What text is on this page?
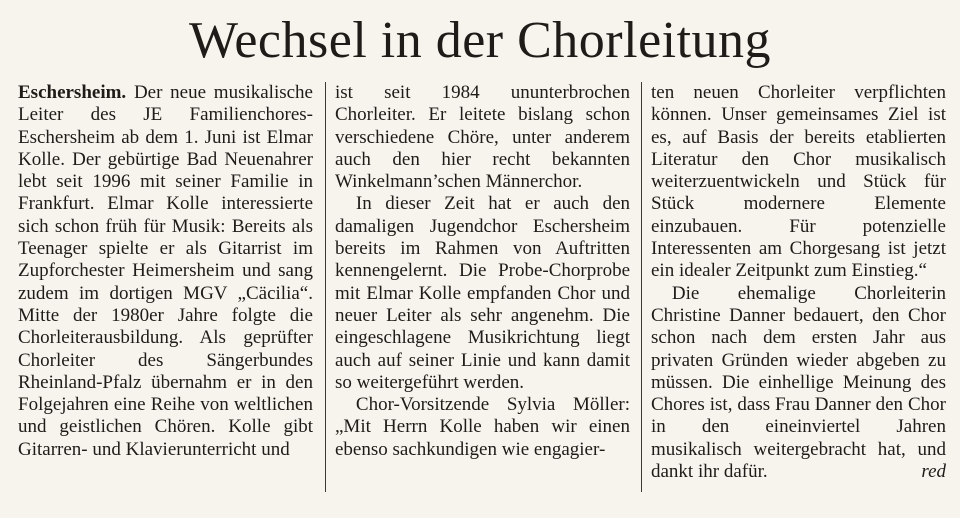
Wechsel in der Chorleitung

Eschersheim. Der neue musikalische Leiter des JE Familienchores-Eschersheim ab dem 1. Juni ist Elmar Kolle. Der gebürtige Bad Neuenahrer lebt seit 1996 mit seiner Familie in Frankfurt. Elmar Kolle interessierte sich schon früh für Musik: Bereits als Teenager spielte er als Gitarrist im Zupforchester Heimersheim und sang zudem im dortigen MGV „Cäcilia“. Mitte der 1980er Jahre folgte die Chorleiterausbildung. Als geprüfter Chorleiter des Sängerbundes Rheinland-Pfalz übernahm er in den Folgejahren eine Reihe von weltlichen und geistlichen Chören. Kolle gibt Gitarren- und Klavierunterricht und

ist seit 1984 ununterbrochen Chorleiter. Er leitete bislang schon verschiedene Chöre, unter anderem auch den hier recht bekannten Winkelmann’schen Männerchor.

In dieser Zeit hat er auch den damaligen Jugendchor Eschersheim bereits im Rahmen von Auftritten kennengelernt. Die Probe-Chorprobe mit Elmar Kolle empfanden Chor und neuer Leiter als sehr angenehm. Die eingeschlagene Musikrichtung liegt auch auf seiner Linie und kann damit so weitergeführt werden.

Chor-Vorsitzende Sylvia Möller: „Mit Herrn Kolle haben wir einen ebenso sachkundigen wie engagier-

ten neuen Chorleiter verpflichten können. Unser gemeinsames Ziel ist es, auf Basis der bereits etablierten Literatur den Chor musikalisch weiterzuentwickeln und Stück für Stück modernere Elemente einzubauen. Für potenzielle Interessenten am Chorgesang ist jetzt ein idealer Zeitpunkt zum Einstieg.“

Die ehemalige Chorleiterin Christine Danner bedauert, den Chor schon nach dem ersten Jahr aus privaten Gründen wieder abgeben zu müssen. Die einhellige Meinung des Chores ist, dass Frau Danner den Chor in den eineinviertel Jahren musikalisch weitergebracht hat, und dankt ihr dafür.	red
